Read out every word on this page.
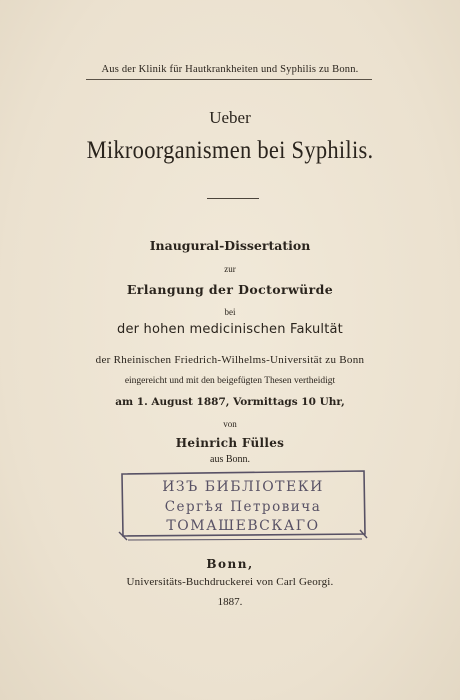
Aus der Klinik für Hautkrankheiten und Syphilis zu Bonn.
Ueber
Mikroorganismen bei Syphilis.
Inaugural-Dissertation
zur
Erlangung der Doctorwürde
bei
der hohen medicinischen Fakultät
der Rheinischen Friedrich-Wilhelms-Universität zu Bonn
eingereicht und mit den beigefügten Thesen vertheidigt
am 1. August 1887, Vormittags 10 Uhr,
von
Heinrich Fülles
aus Bonn.
ИЗЪ БИБЛIОТЕКИ
Сергѣя Петровича
ТОМАШЕВСКАГО
Bonn,
Universitäts-Buchdruckerei von Carl Georgi.
1887.
